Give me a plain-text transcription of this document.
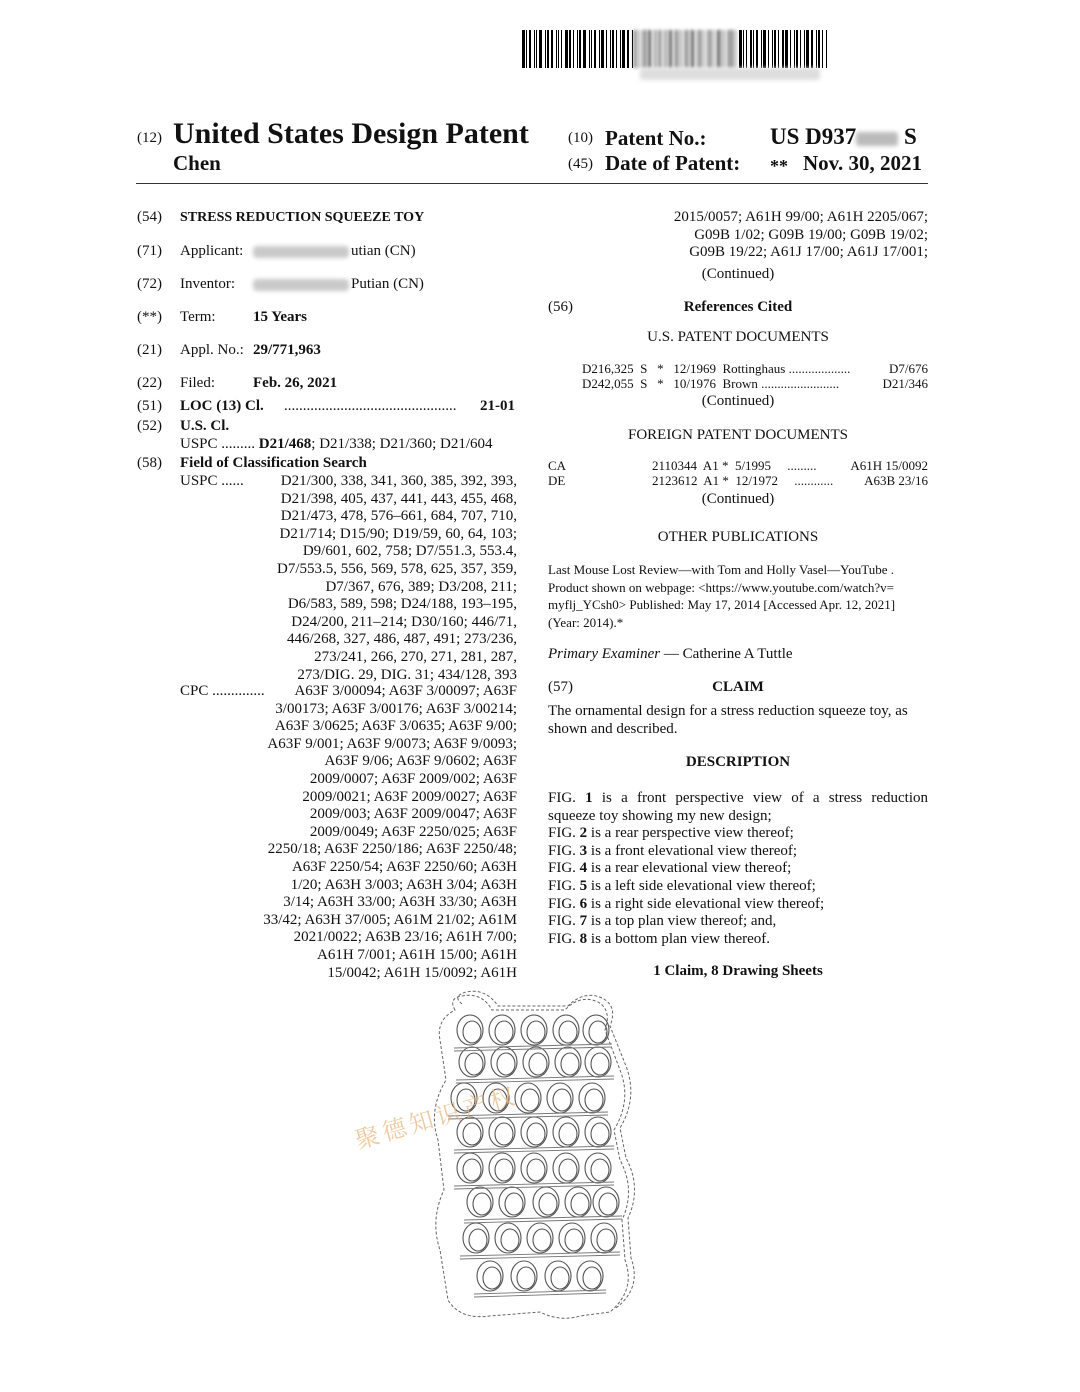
(12) United States Design Patent
Chen
(10) Patent No.:	US D937 S
(45) Date of Patent: ** Nov. 30, 2021
(54) STRESS REDUCTION SQUEEZE TOY
(71) Applicant:	utian (CN)
(72) Inventor:	Putian (CN)
(**) Term: 15 Years
(21) Appl. No.: 29/771,963
(22) Filed:	Feb. 26, 2021
(51) LOC (13) Cl. .............................................. 21-01
(52) U.S. Cl.
USPC ......... D21/468; D21/338; D21/360; D21/604
(58) Field of Classification Search
USPC ......	D21/300, 338, 341, 360, 385, 392, 393,
D21/398, 405, 437, 441, 443, 455, 468,
D21/473, 478, 576–661, 684, 707, 710,
D21/714; D15/90; D19/59, 60, 64, 103;
D9/601, 602, 758; D7/551.3, 553.4,
D7/553.5, 556, 569, 578, 625, 357, 359,
D7/367, 676, 389; D3/208, 211;
D6/583, 589, 598; D24/188, 193–195,
D24/200, 211–214; D30/160; 446/71,
446/268, 327, 486, 487, 491; 273/236,
273/241, 266, 270, 271, 281, 287,
273/DIG. 29, DIG. 31; 434/128, 393
CPC ..............	A63F 3/00094; A63F 3/00097; A63F
3/00173; A63F 3/00176; A63F 3/00214;
A63F 3/0625; A63F 3/0635; A63F 9/00;
A63F 9/001; A63F 9/0073; A63F 9/0093;
A63F 9/06; A63F 9/0602; A63F
2009/0007; A63F 2009/002; A63F
2009/0021; A63F 2009/0027; A63F
2009/003; A63F 2009/0047; A63F
2009/0049; A63F 2250/025; A63F
2250/18; A63F 2250/186; A63F 2250/48;
A63F 2250/54; A63F 2250/60; A63H
1/20; A63H 3/003; A63H 3/04; A63H
3/14; A63H 33/00; A63H 33/30; A63H
33/42; A63H 37/005; A61M 21/02; A61M
2021/0022; A63B 23/16; A61H 7/00;
A61H 7/001; A61H 15/00; A61H
15/0042; A61H 15/0092; A61H
2015/0057; A61H 99/00; A61H 2205/067;
G09B 1/02; G09B 19/00; G09B 19/02;
G09B 19/22; A61J 17/00; A61J 17/001;
(Continued)
(56)	References Cited
U.S. PATENT DOCUMENTS
D216,325  S   *   12/1969  Rottinghaus ...................	D7/676
D242,055  S   *   10/1976  Brown ........................	D21/346
(Continued)
FOREIGN PATENT DOCUMENTS
CA	2110344  A1 *  5/1995     .........	A61H 15/0092
DE	2123612  A1 *  12/1972     ............	A63B 23/16
(Continued)
OTHER PUBLICATIONS
Last Mouse Lost Review—with Tom and Holly Vasel—YouTube .
Product shown on webpage: <https://www.youtube.com/watch?v=
myflj_YCsh0> Published: May 17, 2014 [Accessed Apr. 12, 2021]
(Year: 2014).*
Primary Examiner — Catherine A Tuttle
(57)	CLAIM
The ornamental design for a stress reduction squeeze toy, as
shown and described.
DESCRIPTION
FIG. 1 is a front perspective view of a stress reduction
squeeze toy showing my new design;
FIG. 2 is a rear perspective view thereof;
FIG. 3 is a front elevational view thereof;
FIG. 4 is a rear elevational view thereof;
FIG. 5 is a left side elevational view thereof;
FIG. 6 is a right side elevational view thereof;
FIG. 7 is a top plan view thereof; and,
FIG. 8 is a bottom plan view thereof.
1 Claim, 8 Drawing Sheets
聚德知识产权
